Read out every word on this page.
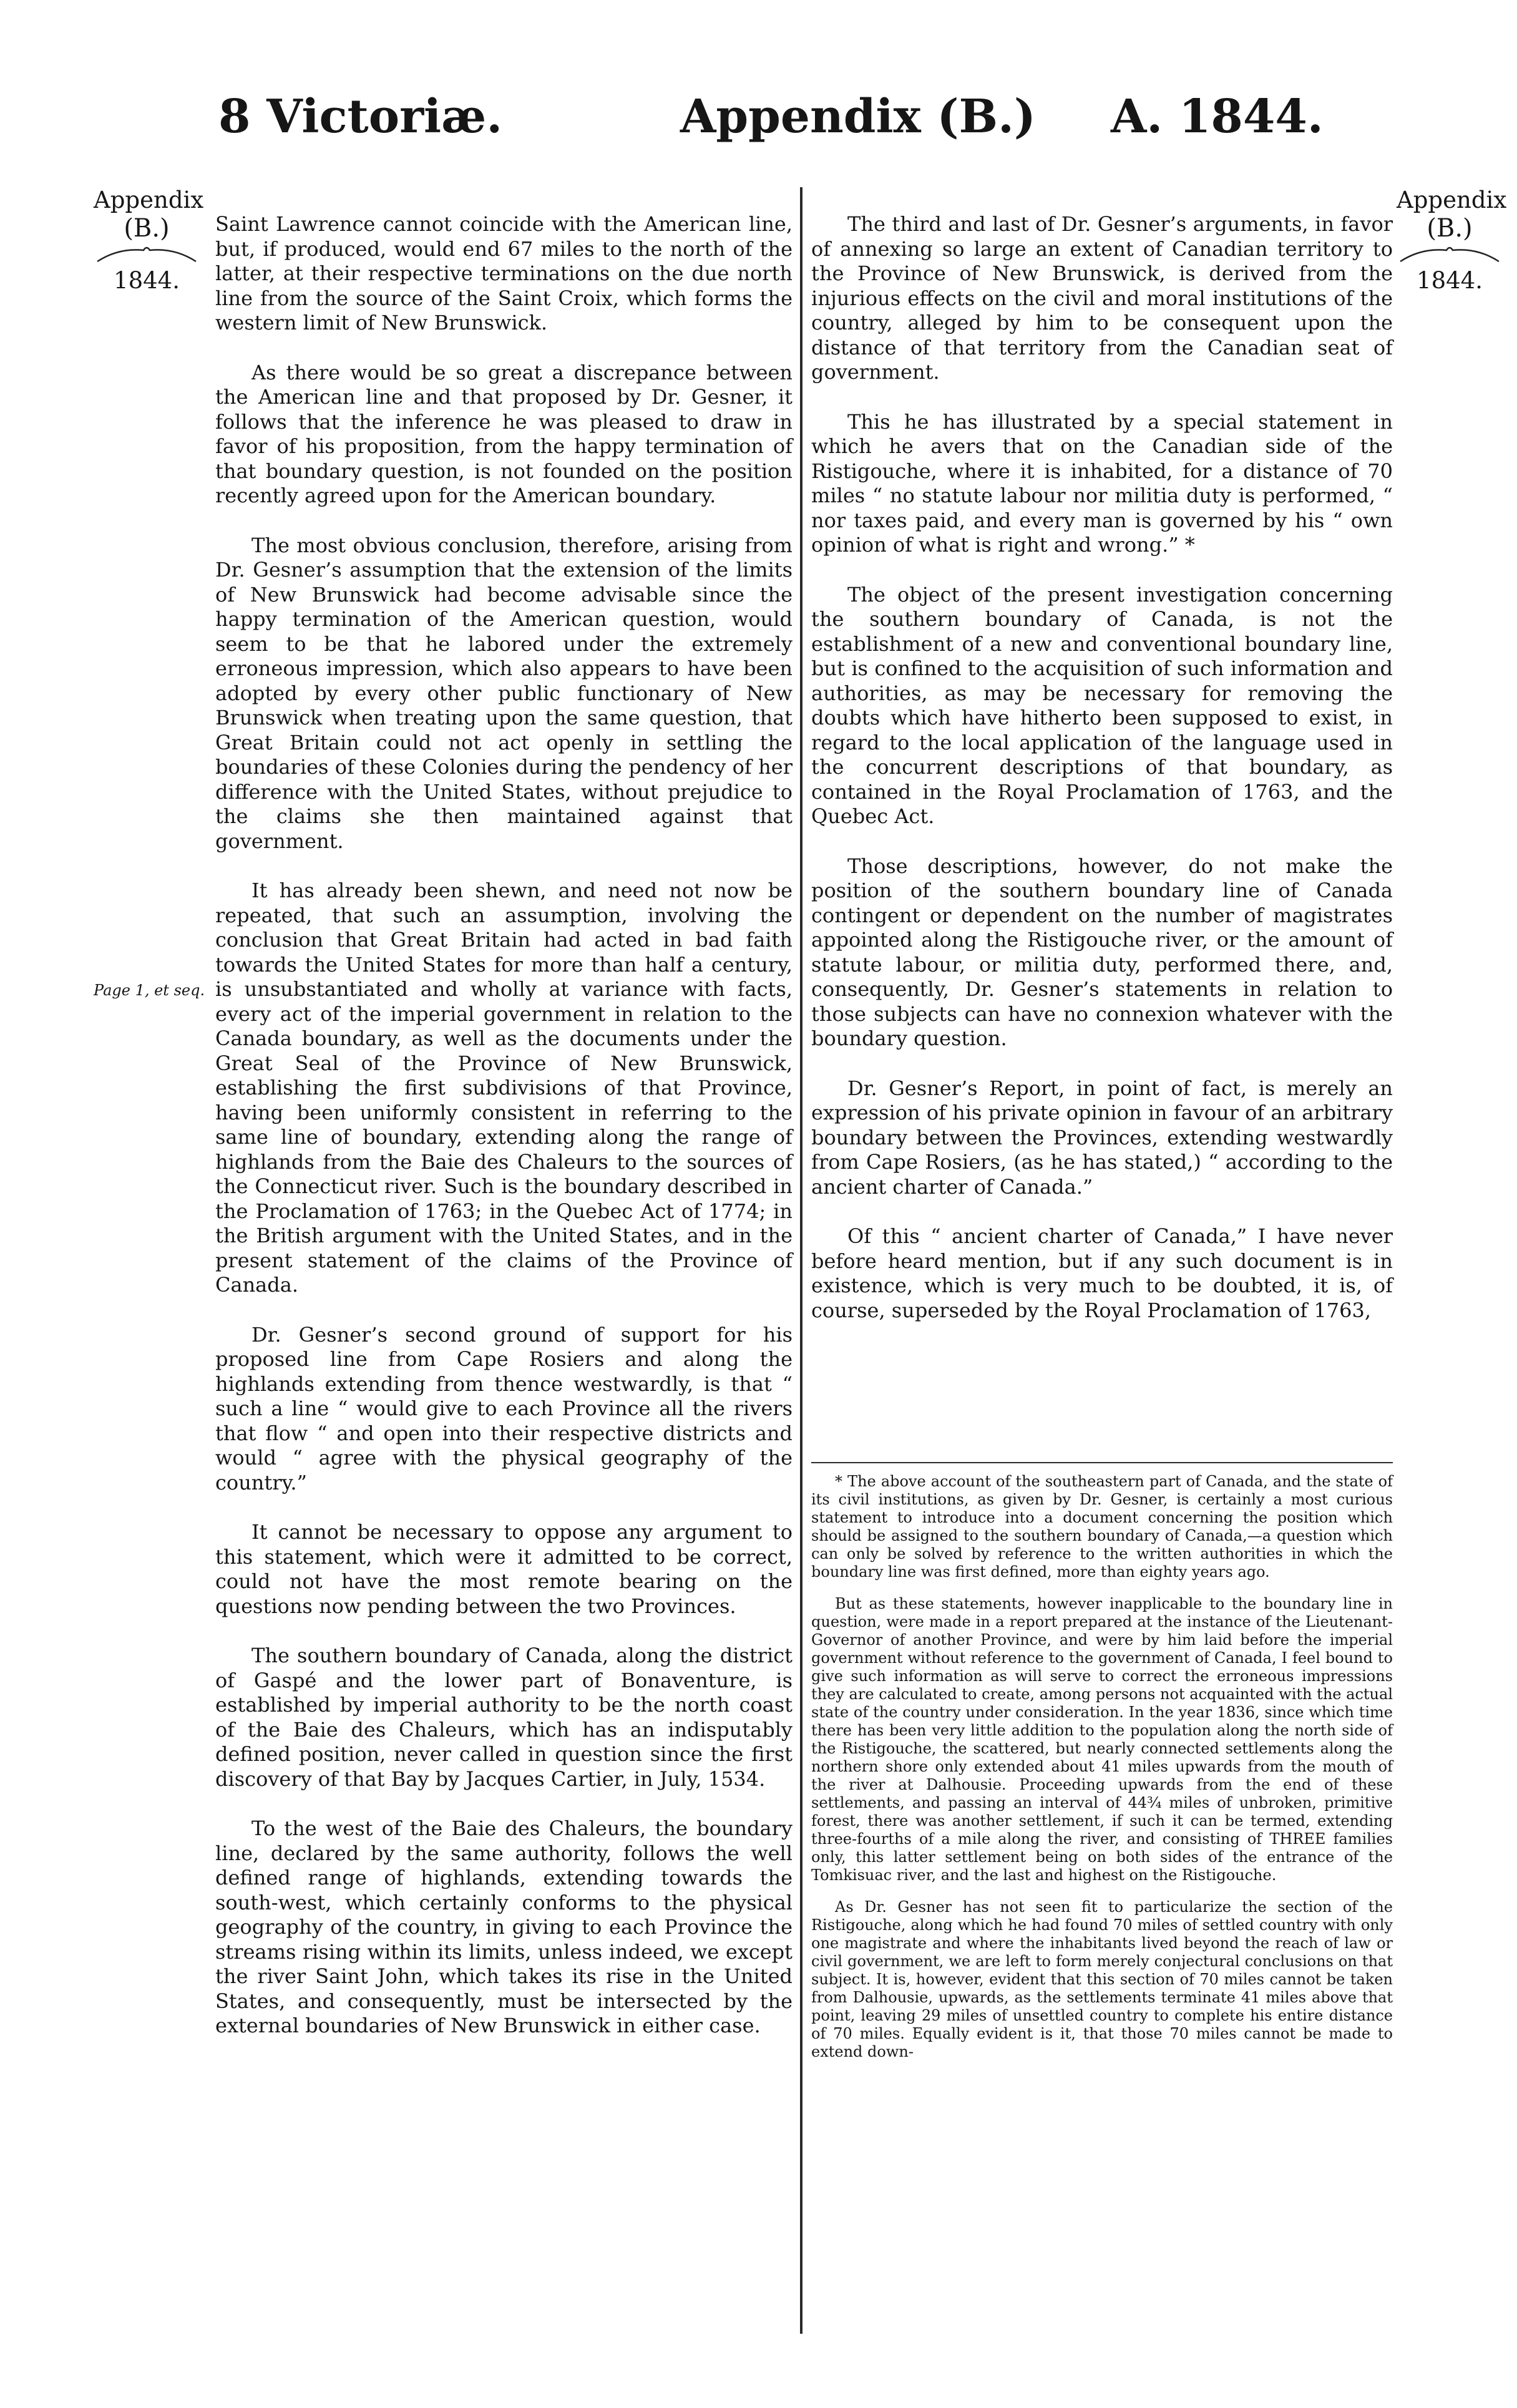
8 Victoriæ.	Appendix (B.) A. 1844.
Appendix
(B.)
1844.
Appendix
(B.)
1844.
Page 1, et seq.

Saint Lawrence cannot coincide with the American line, but, if produced, would end 67 miles to the north of the latter, at their respective terminations on the due north line from the source of the Saint Croix, which forms the western limit of New Brunswick.

As there would be so great a discrepance between the American line and that proposed by Dr. Gesner, it follows that the inference he was pleased to draw in favor of his proposition, from the happy termination of that boundary question, is not founded on the position recently agreed upon for the American boundary.

The most obvious conclusion, therefore, arising from Dr. Gesner’s assumption that the extension of the limits of New Brunswick had become advisable since the happy termination of the American question, would seem to be that he labored under the extremely erroneous impression, which also appears to have been adopted by every other public functionary of New Brunswick when treating upon the same question, that Great Britain could not act openly in settling the boundaries of these Colonies during the pendency of her difference with the United States, without prejudice to the claims she then maintained against that government.

It has already been shewn, and need not now be repeated, that such an assumption, involving the conclusion that Great Britain had acted in bad faith towards the United States for more than half a century, is unsubstantiated and wholly at variance with facts, every act of the imperial government in relation to the Canada boundary, as well as the documents under the Great Seal of the Province of New Brunswick, establishing the first subdivisions of that Province, having been uniformly consistent in referring to the same line of boundary, extending along the range of highlands from the Baie des Chaleurs to the sources of the Connecticut river. Such is the boundary described in the Proclamation of 1763; in the Quebec Act of 1774; in the British argument with the United States, and in the present statement of the claims of the Province of Canada.

Dr. Gesner’s second ground of support for his proposed line from Cape Rosiers and along the highlands extending from thence westwardly, is that “ such a line “ would give to each Province all the rivers that flow “ and open into their respective districts and would “ agree with the physical geography of the country.”

It cannot be necessary to oppose any argument to this statement, which were it admitted to be correct, could not have the most remote bearing on the questions now pending between the two Provinces.

The southern boundary of Canada, along the district of Gaspé and the lower part of Bonaventure, is established by imperial authority to be the north coast of the Baie des Chaleurs, which has an indisputably defined position, never called in question since the first discovery of that Bay by Jacques Cartier, in July, 1534.

To the west of the Baie des Chaleurs, the boundary line, declared by the same authority, follows the well defined range of highlands, extending towards the south-west, which certainly conforms to the physical geography of the country, in giving to each Province the streams rising within its limits, unless indeed, we except the river Saint John, which takes its rise in the United States, and consequently, must be intersected by the external boundaries of New Brunswick in either case.

The third and last of Dr. Gesner’s arguments, in favor of annexing so large an extent of Canadian territory to the Province of New Brunswick, is derived from the injurious effects on the civil and moral institutions of the country, alleged by him to be consequent upon the distance of that territory from the Canadian seat of government.

This he has illustrated by a special statement in which he avers that on the Canadian side of the Ristigouche, where it is inhabited, for a distance of 70 miles “ no statute labour nor militia duty is performed, “ nor taxes paid, and every man is governed by his “ own opinion of what is right and wrong.” *

The object of the present investigation concerning the southern boundary of Canada, is not the establishment of a new and conventional boundary line, but is confined to the acquisition of such information and authorities, as may be necessary for removing the doubts which have hitherto been supposed to exist, in regard to the local application of the language used in the concurrent descriptions of that boundary, as contained in the Royal Proclamation of 1763, and the Quebec Act.

Those descriptions, however, do not make the position of the southern boundary line of Canada contingent or dependent on the number of magistrates appointed along the Ristigouche river, or the amount of statute labour, or militia duty, performed there, and, consequently, Dr. Gesner’s statements in relation to those subjects can have no connexion whatever with the boundary question.

Dr. Gesner’s Report, in point of fact, is merely an expression of his private opinion in favour of an arbitrary boundary between the Provinces, extending westwardly from Cape Rosiers, (as he has stated,) “ according to the ancient charter of Canada.”

Of this “ ancient charter of Canada,” I have never before heard mention, but if any such document is in existence, which is very much to be doubted, it is, of course, superseded by the Royal Proclamation of 1763,

* The above account of the southeastern part of Canada, and the state of its civil institutions, as given by Dr. Gesner, is certainly a most curious statement to introduce into a document concerning the position which should be assigned to the southern boundary of Canada,—a question which can only be solved by reference to the written authorities in which the boundary line was first defined, more than eighty years ago.

But as these statements, however inapplicable to the boundary line in question, were made in a report prepared at the instance of the Lieutenant-Governor of another Province, and were by him laid before the imperial government without reference to the government of Canada, I feel bound to give such information as will serve to correct the erroneous impressions they are calculated to create, among persons not acquainted with the actual state of the country under consideration. In the year 1836, since which time there has been very little addition to the population along the north side of the Ristigouche, the scattered, but nearly connected settlements along the northern shore only extended about 41 miles upwards from the mouth of the river at Dalhousie. Proceeding upwards from the end of these settlements, and passing an interval of 44¾ miles of unbroken, primitive forest, there was another settlement, if such it can be termed, extending three-fourths of a mile along the river, and consisting of THREE families only, this latter settlement being on both sides of the entrance of the Tomkisuac river, and the last and highest on the Ristigouche.

As Dr. Gesner has not seen fit to particularize the section of the Ristigouche, along which he had found 70 miles of settled country with only one magistrate and where the inhabitants lived beyond the reach of law or civil government, we are left to form merely conjectural conclusions on that subject. It is, however, evident that this section of 70 miles cannot be taken from Dalhousie, upwards, as the settlements terminate 41 miles above that point, leaving 29 miles of unsettled country to complete his entire distance of 70 miles. Equally evident is it, that those 70 miles cannot be made to extend down-
